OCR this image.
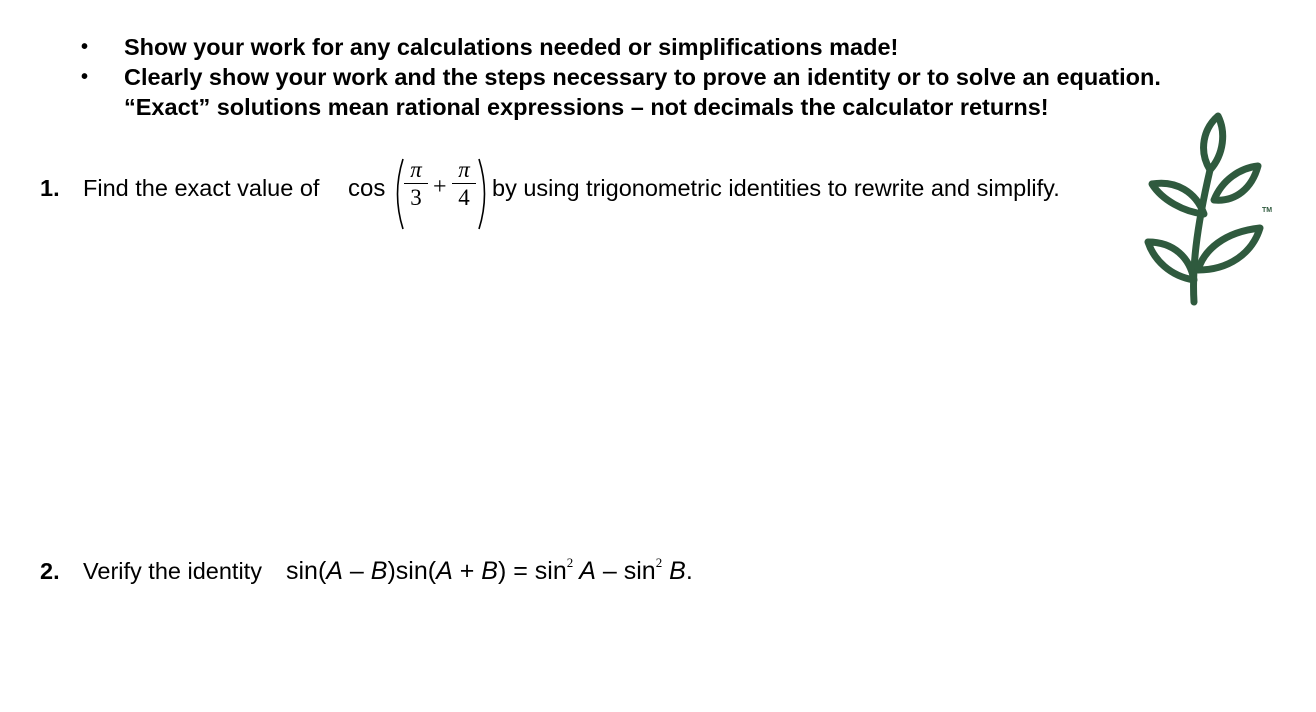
•	Show your work for any calculations needed or simplifications made!
•	Clearly show your work and the steps necessary to prove an identity or to solve an equation.
“Exact” solutions mean rational expressions – not decimals the calculator returns!
1. Find the exact value of cos
π
3 +
π
4 by using trigonometric identities to rewrite and simplify.
2. Verify the identity $\sin(A - B)\sin(A + B) = \sin^2 A - \sin^2 B$.
TM
